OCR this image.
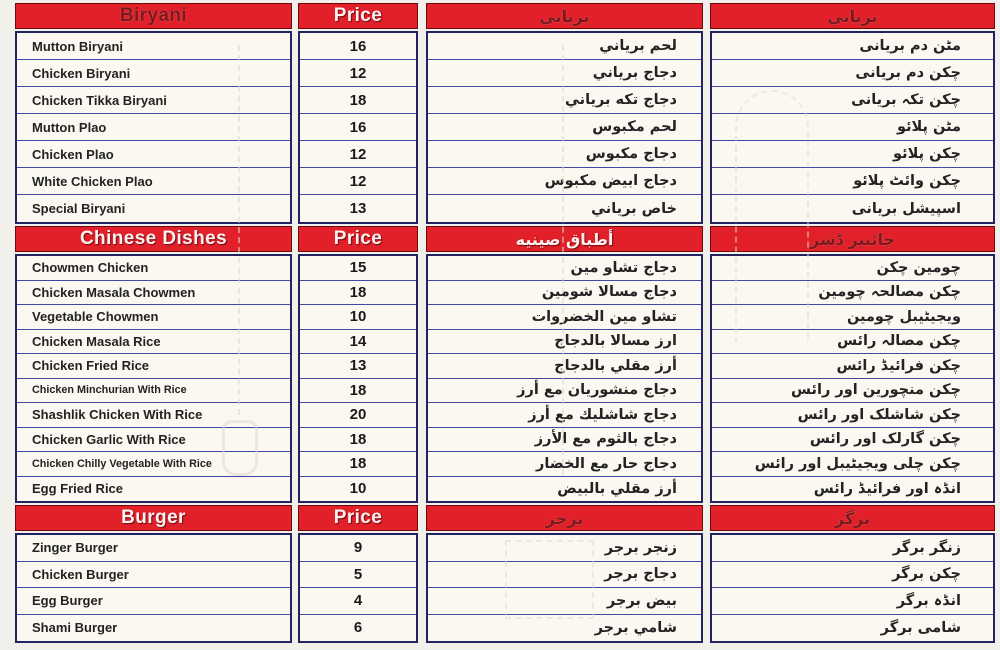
Biryani
Mutton Biryani
Chicken Biryani
Chicken Tikka Biryani
Mutton Plao
Chicken Plao
White Chicken Plao
Special Biryani
Chinese Dishes
Chowmen Chicken
Chicken Masala Chowmen
Vegetable Chowmen
Chicken Masala Rice
Chicken Fried Rice
Chicken Minchurian With Rice
Shashlik Chicken With Rice
Chicken Garlic With Rice
Chicken Chilly Vegetable With Rice
Egg Fried Rice
Burger
Zinger Burger
Chicken Burger
Egg Burger
Shami Burger
Price
16
12
18
16
12
12
13
Price
15
18
10
14
13
18
20
18
18
10
Price
9
5
4
6
برياني
لحم برياني
دجاج برياني
دجاج تكه برياني
لحم مكبوس
دجاج مكبوس
دجاج ابيض مكبوس
خاص برياني
أطباق صينيه
دجاج تشاو مين
دجاج مسالا شومين
تشاو مين الخضروات
ارز مسالا بالدجاج
أرز مقلي بالدجاج
دجاج منشوريان مع أرز
دجاج شاشليك مع أرز
دجاج بالثوم مع الأرز
دجاج حار مع الخضار
أرز مقلي بالبيض
برجر
زنجر برجر
دجاج برجر
بيض برجر
شامي برجر
برياني
مٹن دم بریانی
چکن دم بریانی
چکن تکہ بریانی
مٹن پلائو
چکن پلائو
چکن وائٹ پلائو
اسپیشل بریانی
چائنیز ڈشز
چومین چکن
چکن مصالحہ چومین
ویجیٹیبل چومین
چکن مصالہ رائس
چکن فرائیڈ رائس
چکن منچورین اور رائس
چکن شاشلک اور رائس
چکن گارلک اور رائس
چکن چلی ویجیٹیبل اور رائس
انڈہ اور فرائیڈ رائس
برگر
زنگر برگر
چکن برگر
انڈہ برگر
شامی برگر
